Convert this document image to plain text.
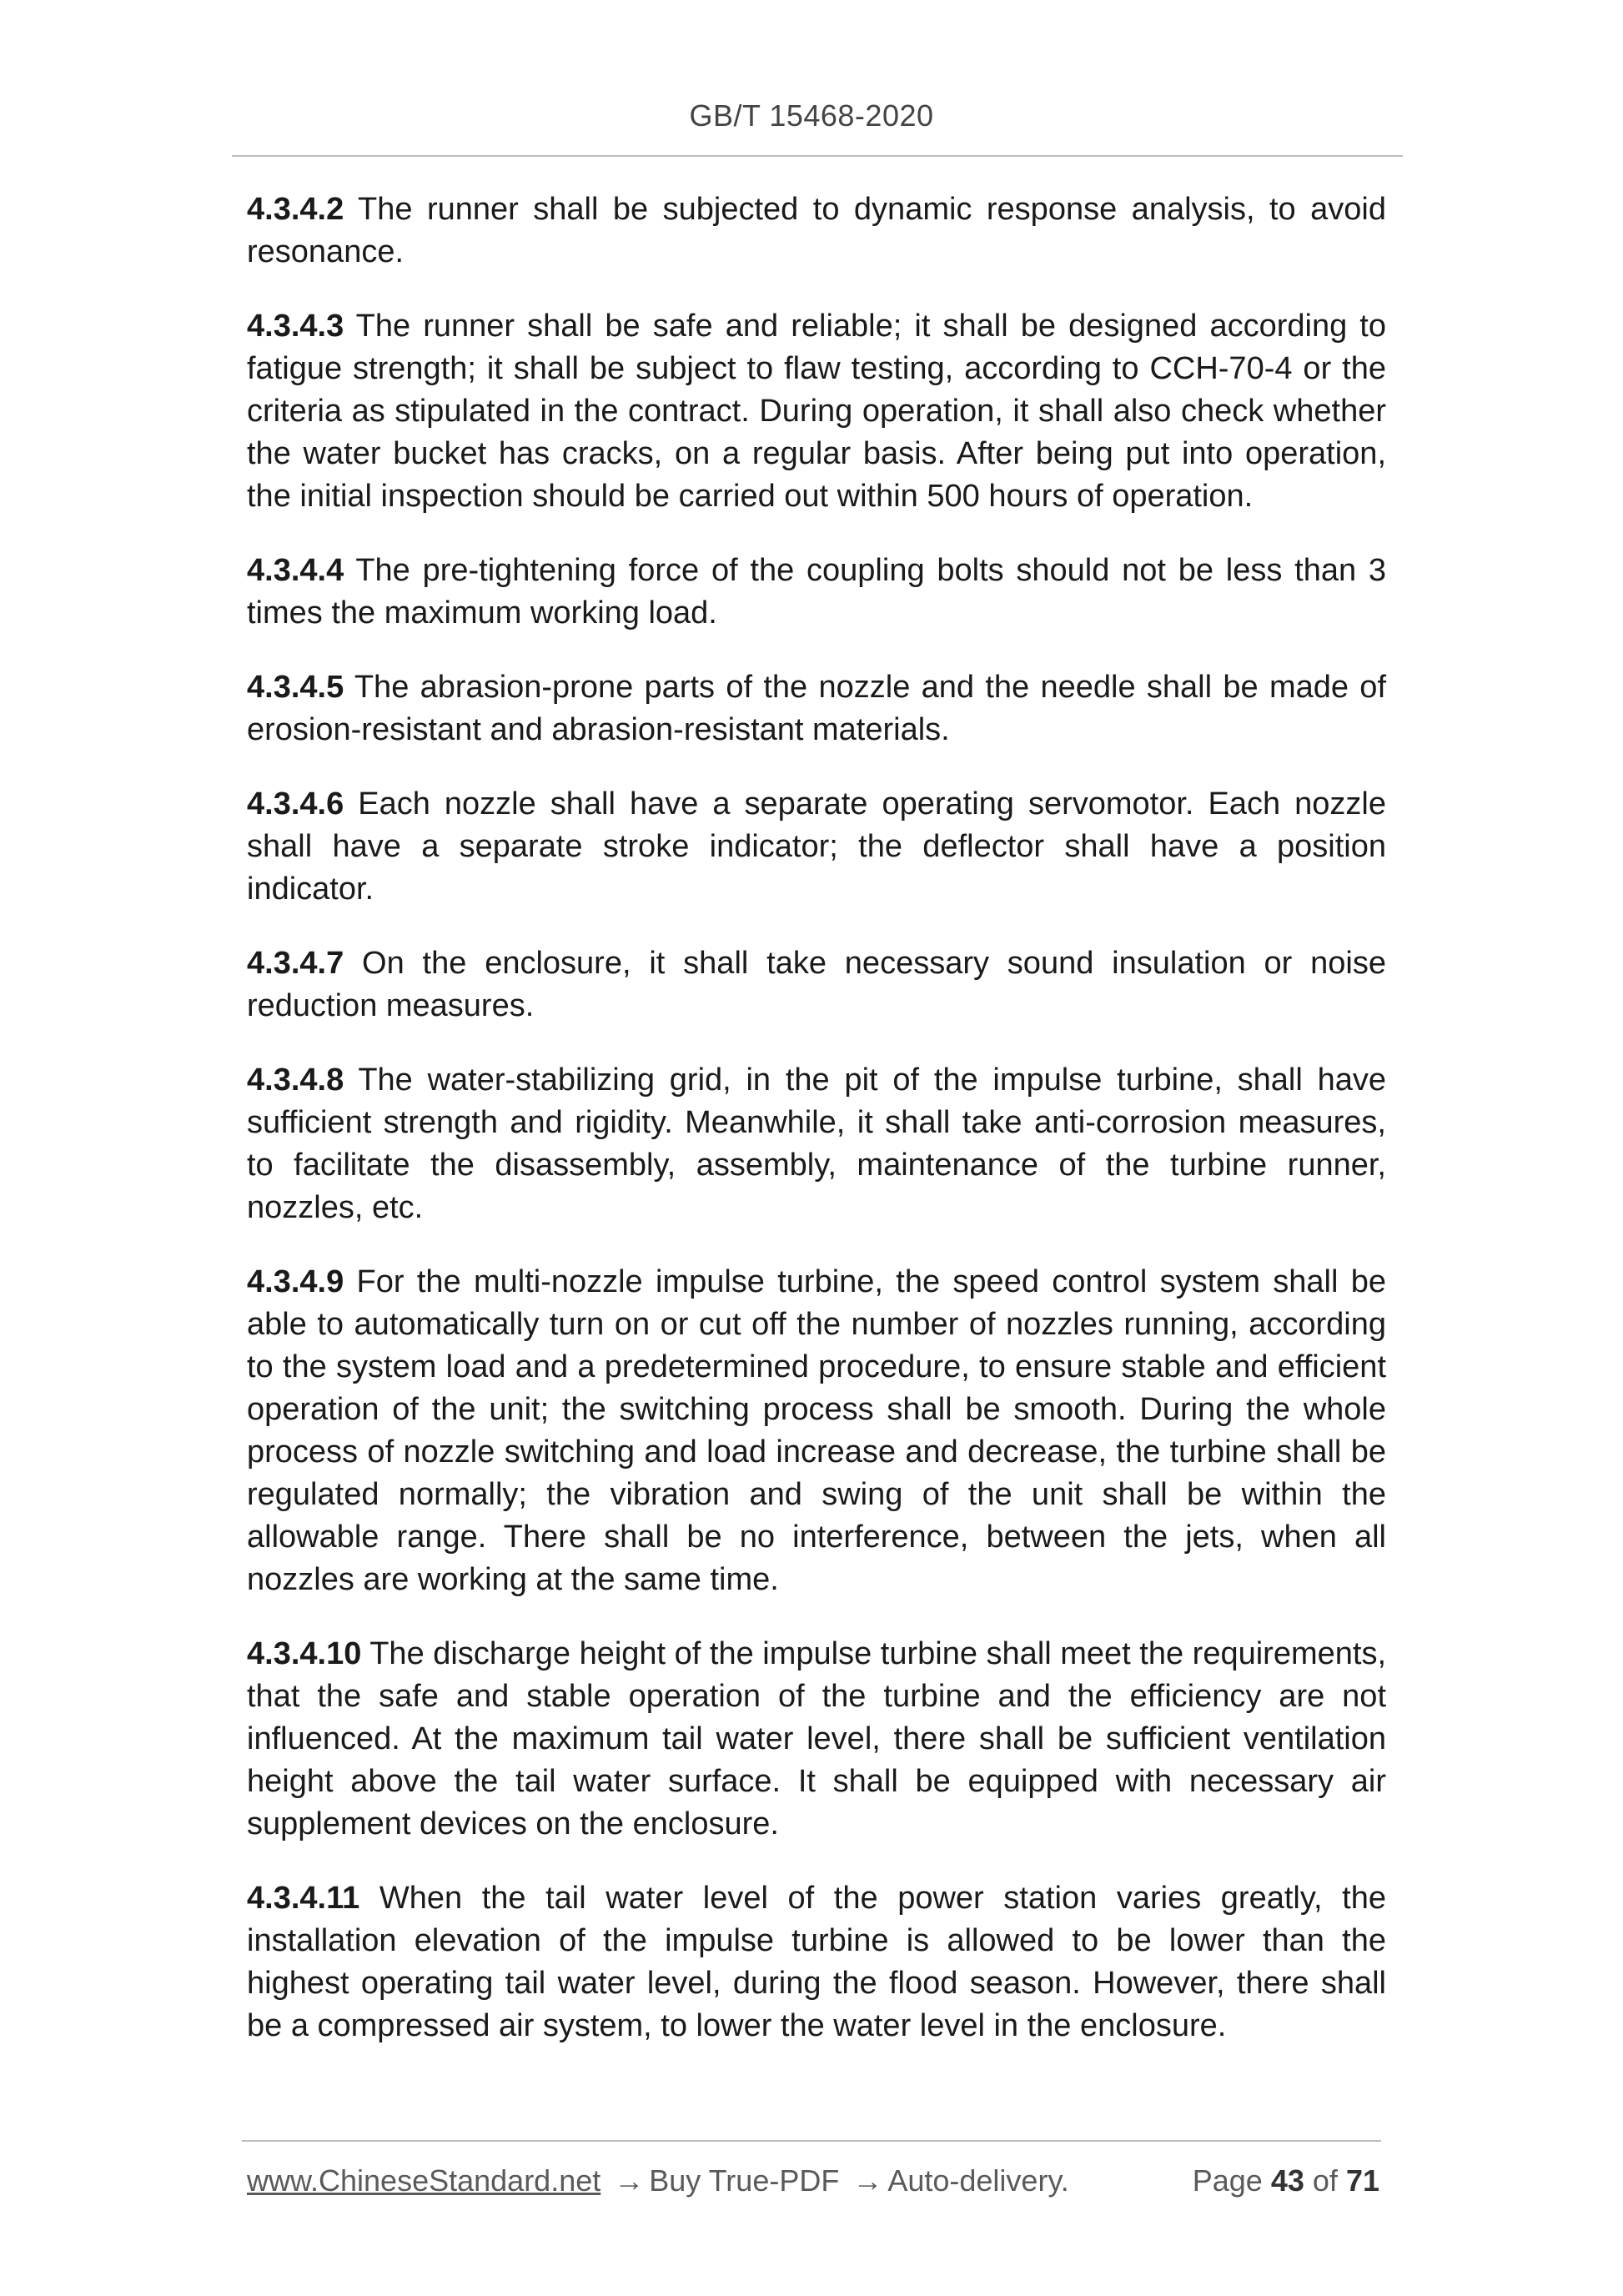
GB/T 15468-2020

4.3.4.2 The runner shall be subjected to dynamic response analysis, to avoid resonance.

4.3.4.3 The runner shall be safe and reliable; it shall be designed according to fatigue strength; it shall be subject to flaw testing, according to CCH-70-4 or the criteria as stipulated in the contract. During operation, it shall also check whether the water bucket has cracks, on a regular basis. After being put into operation, the initial inspection should be carried out within 500 hours of operation.

4.3.4.4 The pre-tightening force of the coupling bolts should not be less than 3 times the maximum working load.

4.3.4.5 The abrasion-prone parts of the nozzle and the needle shall be made of erosion-resistant and abrasion-resistant materials.

4.3.4.6 Each nozzle shall have a separate operating servomotor. Each nozzle shall have a separate stroke indicator; the deflector shall have a position indicator.

4.3.4.7 On the enclosure, it shall take necessary sound insulation or noise reduction measures.

4.3.4.8 The water-stabilizing grid, in the pit of the impulse turbine, shall have sufficient strength and rigidity. Meanwhile, it shall take anti-corrosion measures, to facilitate the disassembly, assembly, maintenance of the turbine runner, nozzles, etc.

4.3.4.9 For the multi-nozzle impulse turbine, the speed control system shall be able to automatically turn on or cut off the number of nozzles running, according to the system load and a predetermined procedure, to ensure stable and efficient operation of the unit; the switching process shall be smooth. During the whole process of nozzle switching and load increase and decrease, the turbine shall be regulated normally; the vibration and swing of the unit shall be within the allowable range. There shall be no interference, between the jets, when all nozzles are working at the same time.

4.3.4.10 The discharge height of the impulse turbine shall meet the requirements, that the safe and stable operation of the turbine and the efficiency are not influenced. At the maximum tail water level, there shall be sufficient ventilation height above the tail water surface. It shall be equipped with necessary air supplement devices on the enclosure.

4.3.4.11 When the tail water level of the power station varies greatly, the installation elevation of the impulse turbine is allowed to be lower than the highest operating tail water level, during the flood season. However, there shall be a compressed air system, to lower the water level in the enclosure.

www.ChineseStandard.net → Buy True-PDF → Auto-delivery.	Page 43 of 71
